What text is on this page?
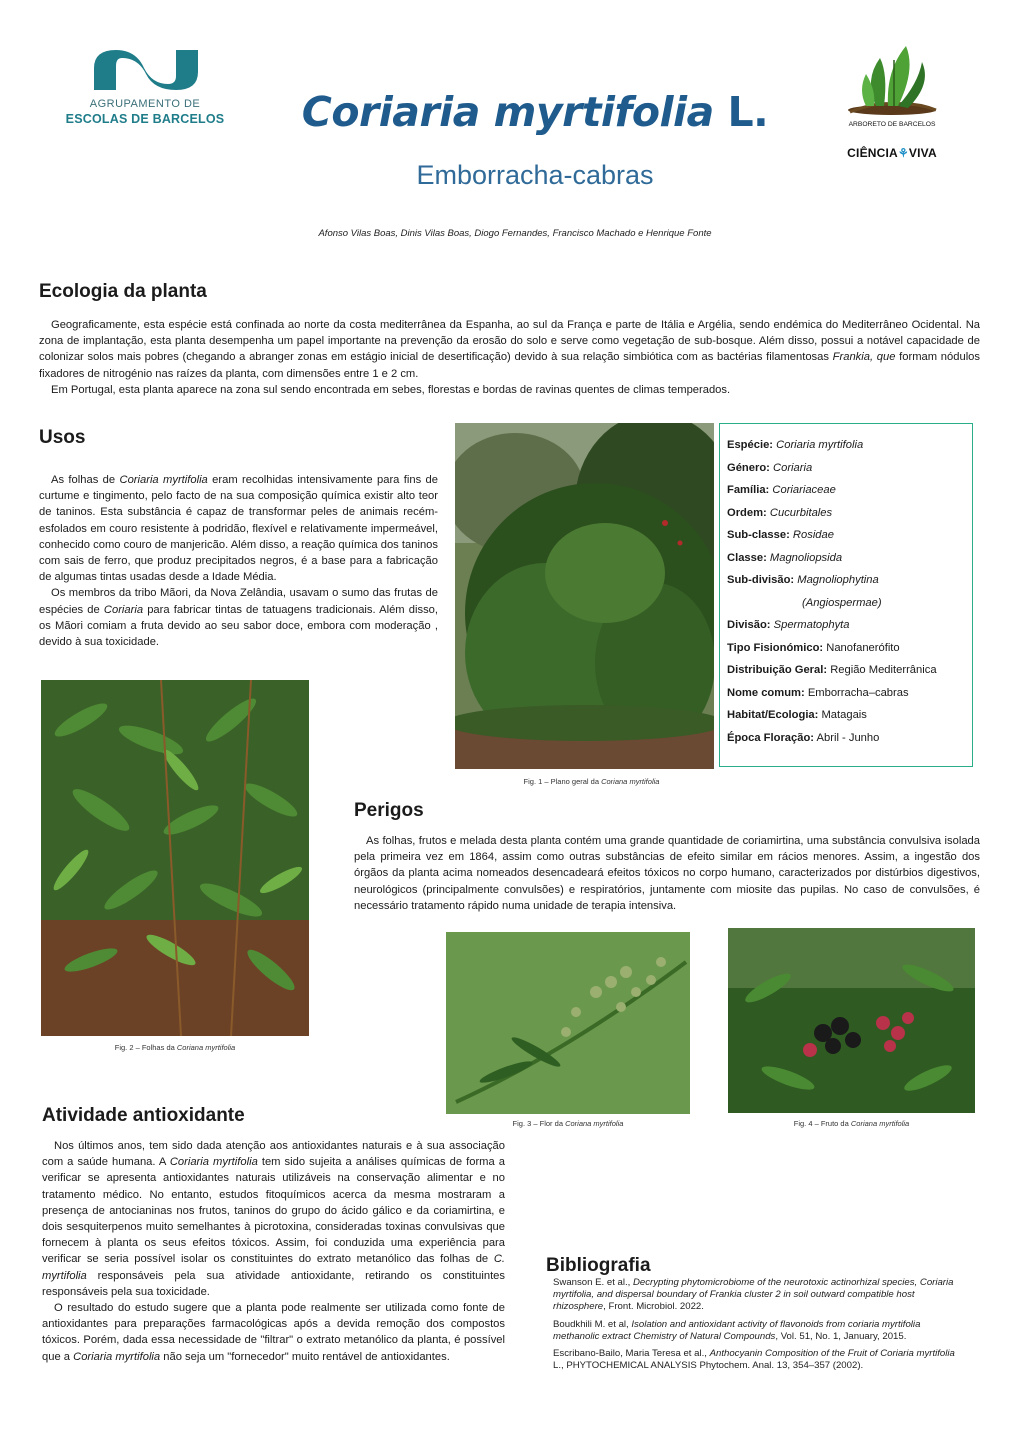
AGRUPAMENTO DE
ESCOLAS DE BARCELOS	Coriaria myrtifolia L.
Emborracha-cabras
Afonso Vilas Boas, Dinis Vilas Boas, Diogo Fernandes, Francisco Machado e Henrique Fonte
ARBORETO DE BARCELOS
CIÊNCIA⚘VIVA
Ecologia da planta

Geograficamente, esta espécie está confinada ao norte da costa mediterrânea da Espanha, ao sul da França e parte de Itália e Argélia, sendo endémica do Mediterrâneo Ocidental. Na zona de implantação, esta planta desempenha um papel importante na prevenção da erosão do solo e serve como vegetação de sub-bosque. Além disso, possui a notável capacidade de colonizar solos mais pobres (chegando a abranger zonas em estágio inicial de desertificação) devido à sua relação simbiótica com as bactérias filamentosas Frankia, que formam nódulos fixadores de nitrogénio nas raízes da planta, com dimensões entre 1 e 2 cm.

Em Portugal, esta planta aparece na zona sul sendo encontrada em sebes, florestas e bordas de ravinas quentes de climas temperados.

Usos

As folhas de Coriaria myrtifolia eram recolhidas intensivamente para fins de curtume e tingimento, pelo facto de na sua composição química existir alto teor de taninos. Esta substância é capaz de transformar peles de animais recém-esfolados em couro resistente à podridão, flexível e relativamente impermeável, conhecido como couro de manjericão. Além disso, a reação química dos taninos com sais de ferro, que produz precipitados negros, é a base para a fabricação de algumas tintas usadas desde a Idade Média.

Os membros da tribo Mãori, da Nova Zelândia, usavam o sumo das frutas de espécies de Coriaria para fabricar tintas de tatuagens tradicionais. Além disso, os Mãori comiam a fruta devido ao seu sabor doce, embora com moderação , devido à sua toxicidade.

Fig. 1 – Plano geral da Coriana myrtifolia
Espécie: Coriaria myrtifolia
Género: Coriaria
Família: Coriariaceae
Ordem: Cucurbitales
Sub-classe: Rosidae
Classe: Magnoliopsida
Sub-divisão: Magnoliophytina
(Angiospermae)
Divisão: Spermatophyta
Tipo Fisionómico: Nanofanerófito
Distribuição Geral: Região Mediterrânica
Nome comum: Emborracha–cabras
Habitat/Ecologia: Matagais
Época Floração: Abril - Junho
Fig. 2 – Folhas da Coriana myrtifolia
Perigos

As folhas, frutos e melada desta planta contém uma grande quantidade de coriamirtina, uma substância convulsiva isolada pela primeira vez em 1864, assim como outras substâncias de efeito similar em rácios menores. Assim, a ingestão dos órgãos da planta acima nomeados desencadeará efeitos tóxicos no corpo humano, caracterizados por distúrbios digestivos, neurológicos (principalmente convulsões) e respiratórios, juntamente com miosite das pupilas. No caso de convulsões, é necessário tratamento rápido numa unidade de terapia intensiva.

Fig. 3 – Flor da Coriana myrtifolia	Fig. 4 – Fruto da Coriana myrtifolia
Atividade antioxidante

Nos últimos anos, tem sido dada atenção aos antioxidantes naturais e à sua associação com a saúde humana. A Coriaria myrtifolia tem sido sujeita a análises químicas de forma a verificar se apresenta antioxidantes naturais utilizáveis na conservação alimentar e no tratamento médico. No entanto, estudos fitoquímicos acerca da mesma mostraram a presença de antocianinas nos frutos, taninos do grupo do ácido gálico e da coriamirtina, e dois sesquiterpenos muito semelhantes à picrotoxina, consideradas toxinas convulsivas que fornecem à planta os seus efeitos tóxicos. Assim, foi conduzida uma experiência para verificar se seria possível isolar os constituintes do extrato metanólico das folhas de C. myrtifolia responsáveis pela sua atividade antioxidante, retirando os constituintes responsáveis pela sua toxicidade.

O resultado do estudo sugere que a planta pode realmente ser utilizada como fonte de antioxidantes para preparações farmacológicas após a devida remoção dos compostos tóxicos. Porém, dada essa necessidade de "filtrar" o extrato metanólico da planta, é possível que a Coriaria myrtifolia não seja um "fornecedor" muito rentável de antioxidantes.

Bibliografia
Swanson E. et al., Decrypting phytomicrobiome of the neurotoxic actinorhizal species, Coriaria myrtifolia, and dispersal boundary of Frankia cluster 2 in soil outward compatible host rhizosphere, Front. Microbiol. 2022.
Boudkhili M. et al, Isolation and antioxidant activity of flavonoids from coriaria myrtifolia methanolic extract Chemistry of Natural Compounds, Vol. 51, No. 1, January, 2015.
Escribano-Bailo, Maria Teresa et al., Anthocyanin Composition of the Fruit of Coriaria myrtifolia L., PHYTOCHEMICAL ANALYSIS Phytochem. Anal. 13, 354–357 (2002).
